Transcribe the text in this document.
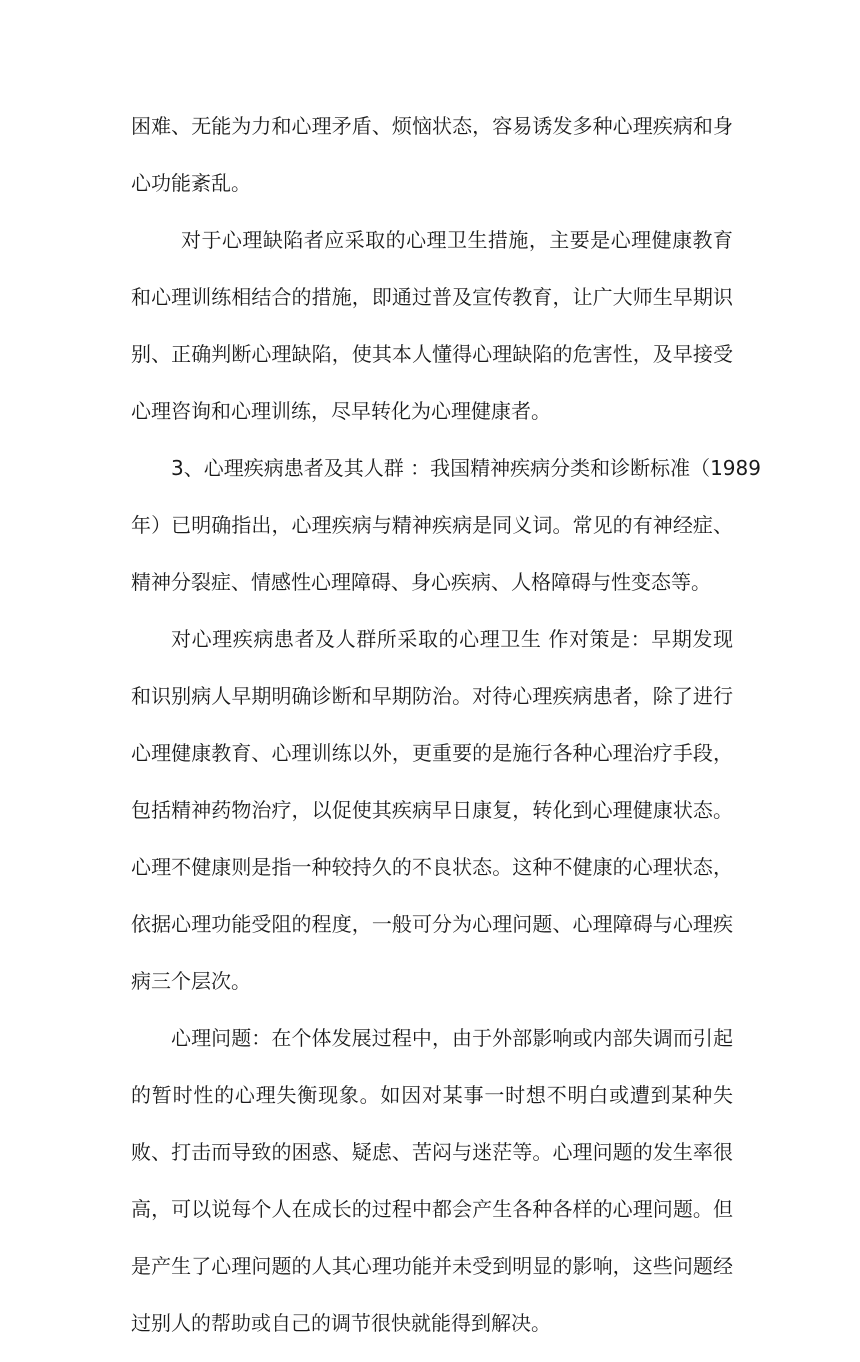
困难、无能为力和心理矛盾、烦恼状态，容易诱发多种心理疾病和身
心功能紊乱。
对于心理缺陷者应采取的心理卫生措施，主要是心理健康教育
和心理训练相结合的措施，即通过普及宣传教育，让广大师生早期识
别、正确判断心理缺陷，使其本人懂得心理缺陷的危害性，及早接受
心理咨询和心理训练，尽早转化为心理健康者。
3、心理疾病患者及其人群 ：我国精神疾病分类和诊断标准（1989
年）已明确指出，心理疾病与精神疾病是同义词。常见的有神经症、
精神分裂症、情感性心理障碍、身心疾病、人格障碍与性变态等。
对心理疾病患者及人群所采取的心理卫生 作对策是：早期发现
和识别病人早期明确诊断和早期防治。对待心理疾病患者，除了进行
心理健康教育、心理训练以外，更重要的是施行各种心理治疗手段，
包括精神药物治疗，以促使其疾病早日康复，转化到心理健康状态。
心理不健康则是指一种较持久的不良状态。这种不健康的心理状态，
依据心理功能受阻的程度，一般可分为心理问题、心理障碍与心理疾
病三个层次。
心理问题：在个体发展过程中，由于外部影响或内部失调而引起
的暂时性的心理失衡现象。如因对某事一时想不明白或遭到某种失
败、打击而导致的困惑、疑虑、苦闷与迷茫等。心理问题的发生率很
高，可以说每个人在成长的过程中都会产生各种各样的心理问题。但
是产生了心理问题的人其心理功能并未受到明显的影响，这些问题经
过别人的帮助或自己的调节很快就能得到解决。
